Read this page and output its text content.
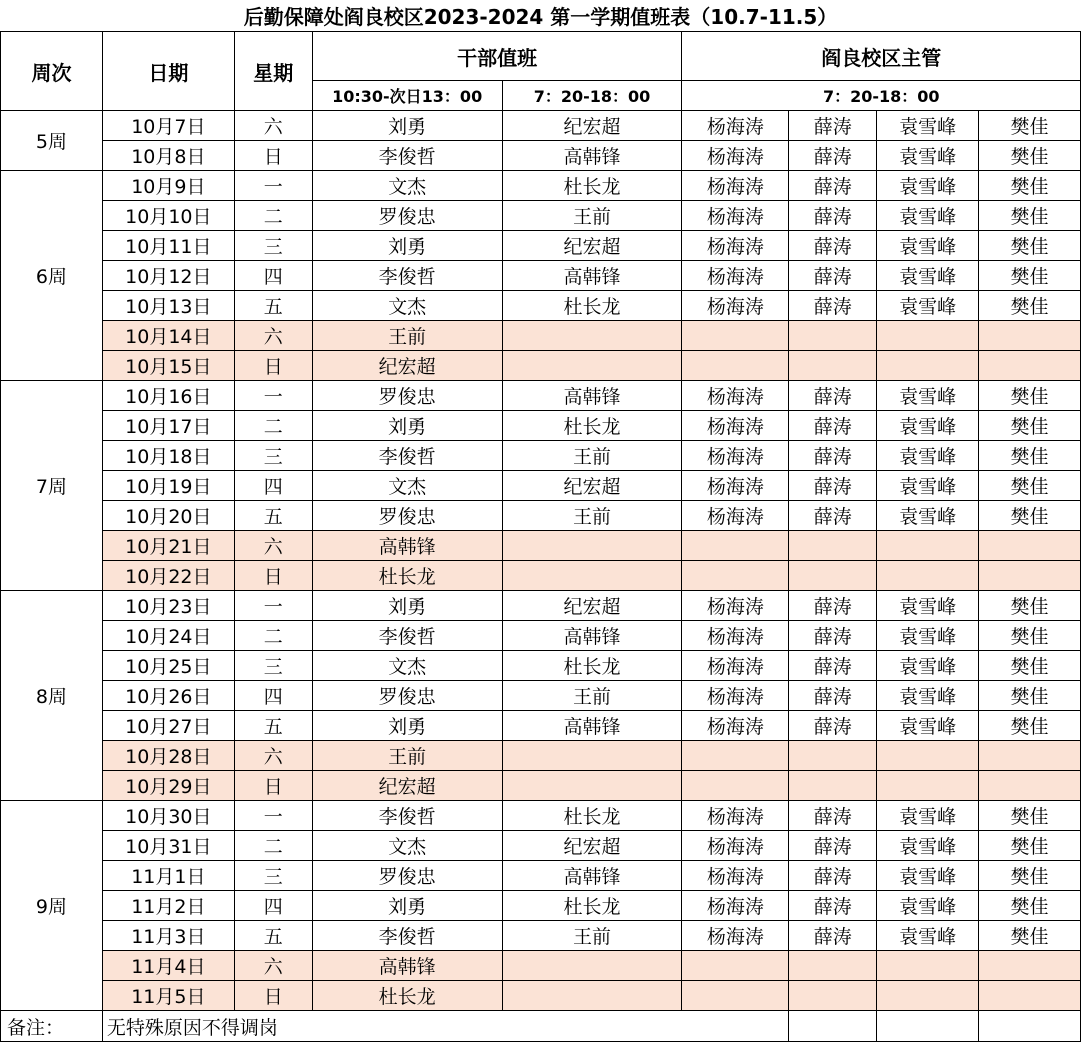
后勤保障处阎良校区2023-2024 第一学期值班表（10.7-11.5）
周次	日期	星期	干部值班		阎良校区主管			
			10:30-次日13：00	7：20-18：00	7：20-18：00			
5周	10月7日	六	刘勇	纪宏超	杨海涛	薛涛	袁雪峰	樊佳
	10月8日	日	李俊哲	高韩锋	杨海涛	薛涛	袁雪峰	樊佳
6周	10月9日	一	文杰	杜长龙	杨海涛	薛涛	袁雪峰	樊佳
	10月10日	二	罗俊忠	王前	杨海涛	薛涛	袁雪峰	樊佳
	10月11日	三	刘勇	纪宏超	杨海涛	薛涛	袁雪峰	樊佳
	10月12日	四	李俊哲	高韩锋	杨海涛	薛涛	袁雪峰	樊佳
	10月13日	五	文杰	杜长龙	杨海涛	薛涛	袁雪峰	樊佳
	10月14日	六	王前					
	10月15日	日	纪宏超					
7周	10月16日	一	罗俊忠	高韩锋	杨海涛	薛涛	袁雪峰	樊佳
	10月17日	二	刘勇	杜长龙	杨海涛	薛涛	袁雪峰	樊佳
	10月18日	三	李俊哲	王前	杨海涛	薛涛	袁雪峰	樊佳
	10月19日	四	文杰	纪宏超	杨海涛	薛涛	袁雪峰	樊佳
	10月20日	五	罗俊忠	王前	杨海涛	薛涛	袁雪峰	樊佳
	10月21日	六	高韩锋					
	10月22日	日	杜长龙					
8周	10月23日	一	刘勇	纪宏超	杨海涛	薛涛	袁雪峰	樊佳
	10月24日	二	李俊哲	高韩锋	杨海涛	薛涛	袁雪峰	樊佳
	10月25日	三	文杰	杜长龙	杨海涛	薛涛	袁雪峰	樊佳
	10月26日	四	罗俊忠	王前	杨海涛	薛涛	袁雪峰	樊佳
	10月27日	五	刘勇	高韩锋	杨海涛	薛涛	袁雪峰	樊佳
	10月28日	六	王前					
	10月29日	日	纪宏超					
9周	10月30日	一	李俊哲	杜长龙	杨海涛	薛涛	袁雪峰	樊佳
	10月31日	二	文杰	纪宏超	杨海涛	薛涛	袁雪峰	樊佳
	11月1日	三	罗俊忠	高韩锋	杨海涛	薛涛	袁雪峰	樊佳
	11月2日	四	刘勇	杜长龙	杨海涛	薛涛	袁雪峰	樊佳
	11月3日	五	李俊哲	王前	杨海涛	薛涛	袁雪峰	樊佳
	11月4日	六	高韩锋					
	11月5日	日	杜长龙					
备注：	无特殊原因不得调岗							
